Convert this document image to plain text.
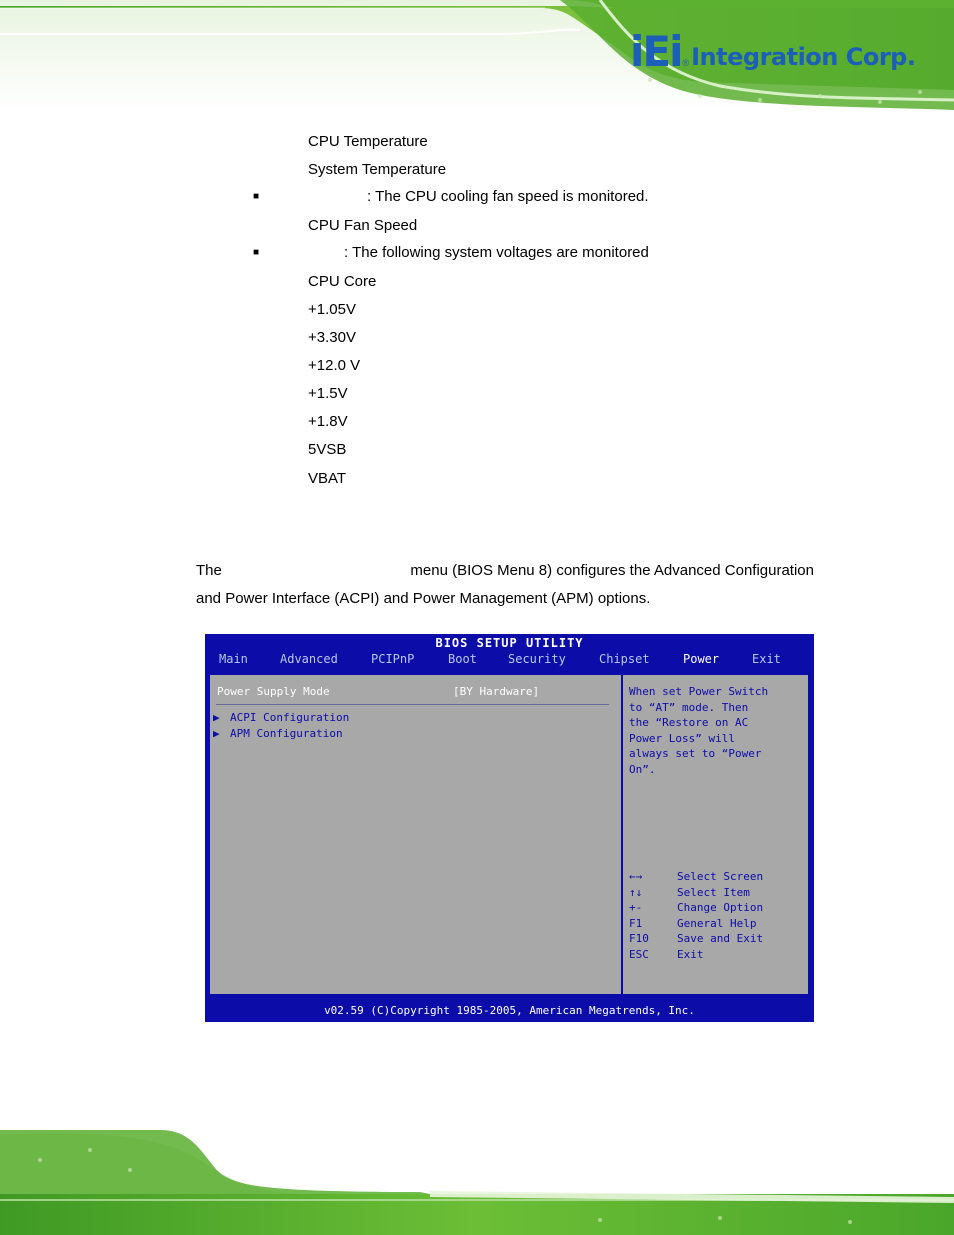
iEi ® Integration Corp.
CPU Temperature
System Temperature
■	: The CPU cooling fan speed is monitored.
CPU Fan Speed
■	: The following system voltages are monitored
CPU Core
+1.05V
+3.30V
+12.0 V
+1.5V
+1.8V
5VSB
VBAT
The	menu (BIOS Menu 8) configures the Advanced Configuration
and Power Interface (ACPI) and Power Management (APM) options.
BIOS SETUP UTILITY
Main	Advanced	PCIPnP	Boot	Security	Chipset	Power	Exit
Power Supply Mode	[BY Hardware]
▶ ACPI Configuration
▶ APM Configuration
When set Power Switch
to “AT” mode. Then
the “Restore on AC
Power Loss” will
always set to “Power
On”.
←→	Select Screen
↑↓	Select Item
+-	Change Option
F1	General Help
F10	Save and Exit
ESC	Exit
v02.59 (C)Copyright 1985-2005, American Megatrends, Inc.
